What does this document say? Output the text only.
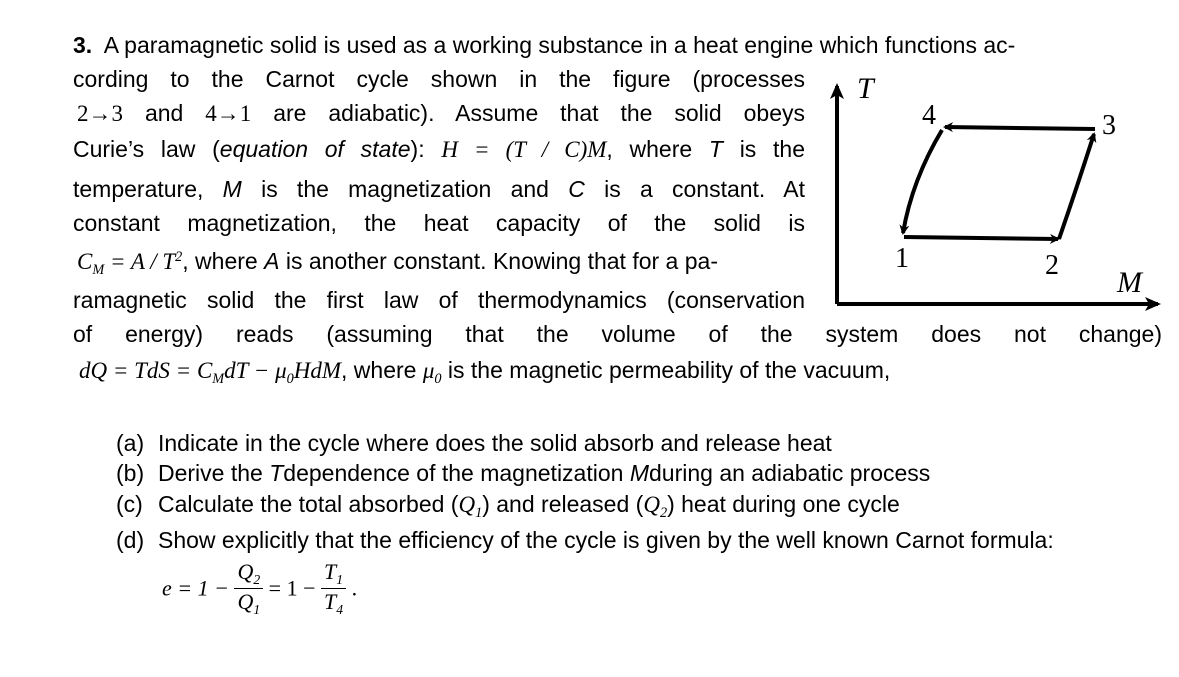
3. A paramagnetic solid is used as a working substance in a heat engine which functions ac-
cording to the Carnot cycle shown in the figure (processes
2→3 and 4→1 are adiabatic). Assume that the solid obeys
Curie’s law (equation of state): H = (T / C)M, where T is the
temperature, M is the magnetization and C is a constant. At
constant magnetization, the heat capacity of the solid is
$C_M = A / T^2$, where A is another constant. Knowing that for a pa-
ramagnetic solid the first law of thermodynamics (conservation
of energy) reads (assuming that the volume of the system does not change)
dQ = TdS = $C_MdT - \mu_0HdM$, where $\mu_0$ is the magnetic permeability of the vacuum,
(a) Indicate in the cycle where does the solid absorb and release heat
(b) Derive the Tdependence of the magnetization Mduring an adiabatic process
(c) Calculate the total absorbed $(Q_1)$ and released $(Q_2)$ heat during one cycle
(d) Show explicitly that the efficiency of the cycle is given by the well known Carnot formula:
$e = 1 - \frac{Q_2}{Q_1} = 1 - \frac{T_1}{T_4}$ .
T
M
1	2
3
4
